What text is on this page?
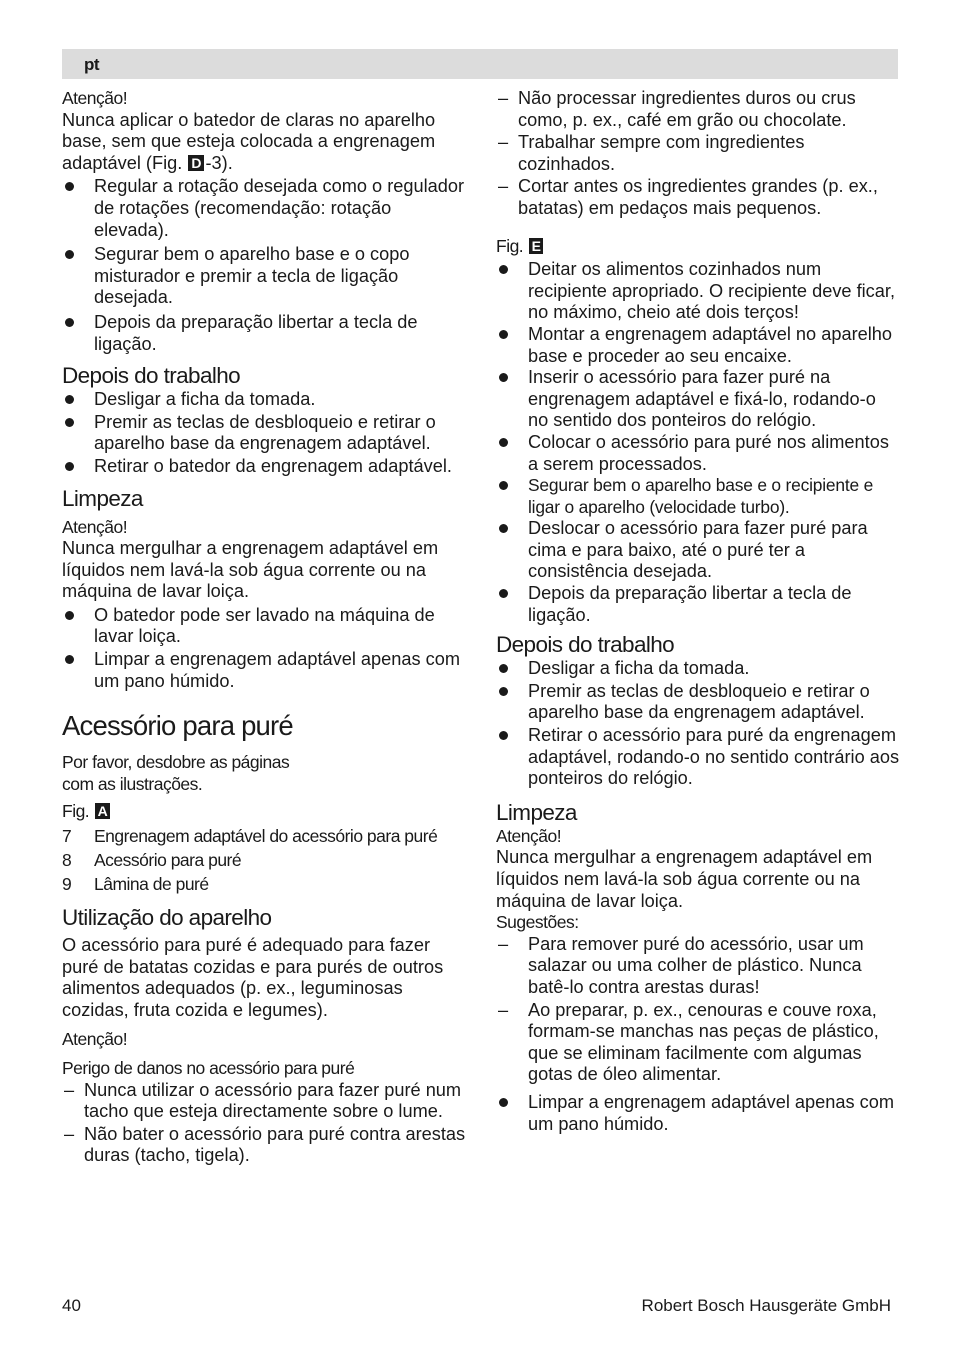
pt

Atenção!

Nunca aplicar o batedor de claras no aparelho base, sem que esteja colocada a engrenagem adaptável (Fig. D -3).

Regular a rotação desejada como o regulador de rotações (recomendação: rotação elevada).
Segurar bem o aparelho base e o copo misturador e premir a tecla de ligação desejada.
Depois da preparação libertar a tecla de ligação.

Depois do trabalho

Desligar a ficha da tomada.
Premir as teclas de desbloqueio e retirar o aparelho base da engrenagem adaptável.
Retirar o batedor da engrenagem adaptável.

Limpeza

Atenção!

Nunca mergulhar a engrenagem adaptável em líquidos nem lavá-la sob água corrente ou na máquina de lavar loiça.

O batedor pode ser lavado na máquina de lavar loiça.
Limpar a engrenagem adaptável apenas com um pano húmido.

Acessório para puré

Por favor, desdobre as páginas

com as ilustrações.

Fig. A

7 Engrenagem adaptável do acessório para puré
8 Acessório para puré
9 Lâmina de puré

Utilização do aparelho

O acessório para puré é adequado para fazer puré de batatas cozidas e para purés de outros alimentos adequados (p. ex., leguminosas cozidas, fruta cozida e legumes).

Atenção!

Perigo de danos no acessório para puré

– Nunca utilizar o acessório para fazer puré num tacho que esteja directamente sobre o lume.
– Não bater o acessório para puré contra arestas duras (tacho, tigela).
– Não processar ingredientes duros ou crus como, p. ex., café em grão ou chocolate.
– Trabalhar sempre com ingredientes cozinhados.
– Cortar antes os ingredientes grandes (p. ex., batatas) em pedaços mais pequenos.

Fig. E

Deitar os alimentos cozinhados num recipiente apropriado. O recipiente deve ficar, no máximo, cheio até dois terços!
Montar a engrenagem adaptável no aparelho base e proceder ao seu encaixe.
Inserir o acessório para fazer puré na engrenagem adaptável e fixá-lo, rodando-o no sentido dos ponteiros do relógio.
Colocar o acessório para puré nos alimentos a serem processados.
Segurar bem o aparelho base e o recipiente e ligar o aparelho (velocidade turbo).
Deslocar o acessório para fazer puré para cima e para baixo, até o puré ter a consistência desejada.
Depois da preparação libertar a tecla de ligação.

Depois do trabalho

Desligar a ficha da tomada.
Premir as teclas de desbloqueio e retirar o aparelho base da engrenagem adaptável.
Retirar o acessório para puré da engrenagem adaptável, rodando-o no sentido contrário aos ponteiros do relógio.

Limpeza

Atenção!

Nunca mergulhar a engrenagem adaptável em líquidos nem lavá-la sob água corrente ou na máquina de lavar loiça.

Sugestões:

– Para remover puré do acessório, usar um salazar ou uma colher de plástico. Nunca batê-lo contra arestas duras!
– Ao preparar, p. ex., cenouras e couve roxa, formam-se manchas nas peças de plástico, que se eliminam facilmente com algumas gotas de óleo alimentar.
Limpar a engrenagem adaptável apenas com um pano húmido.
40	Robert Bosch Hausgeräte GmbH
